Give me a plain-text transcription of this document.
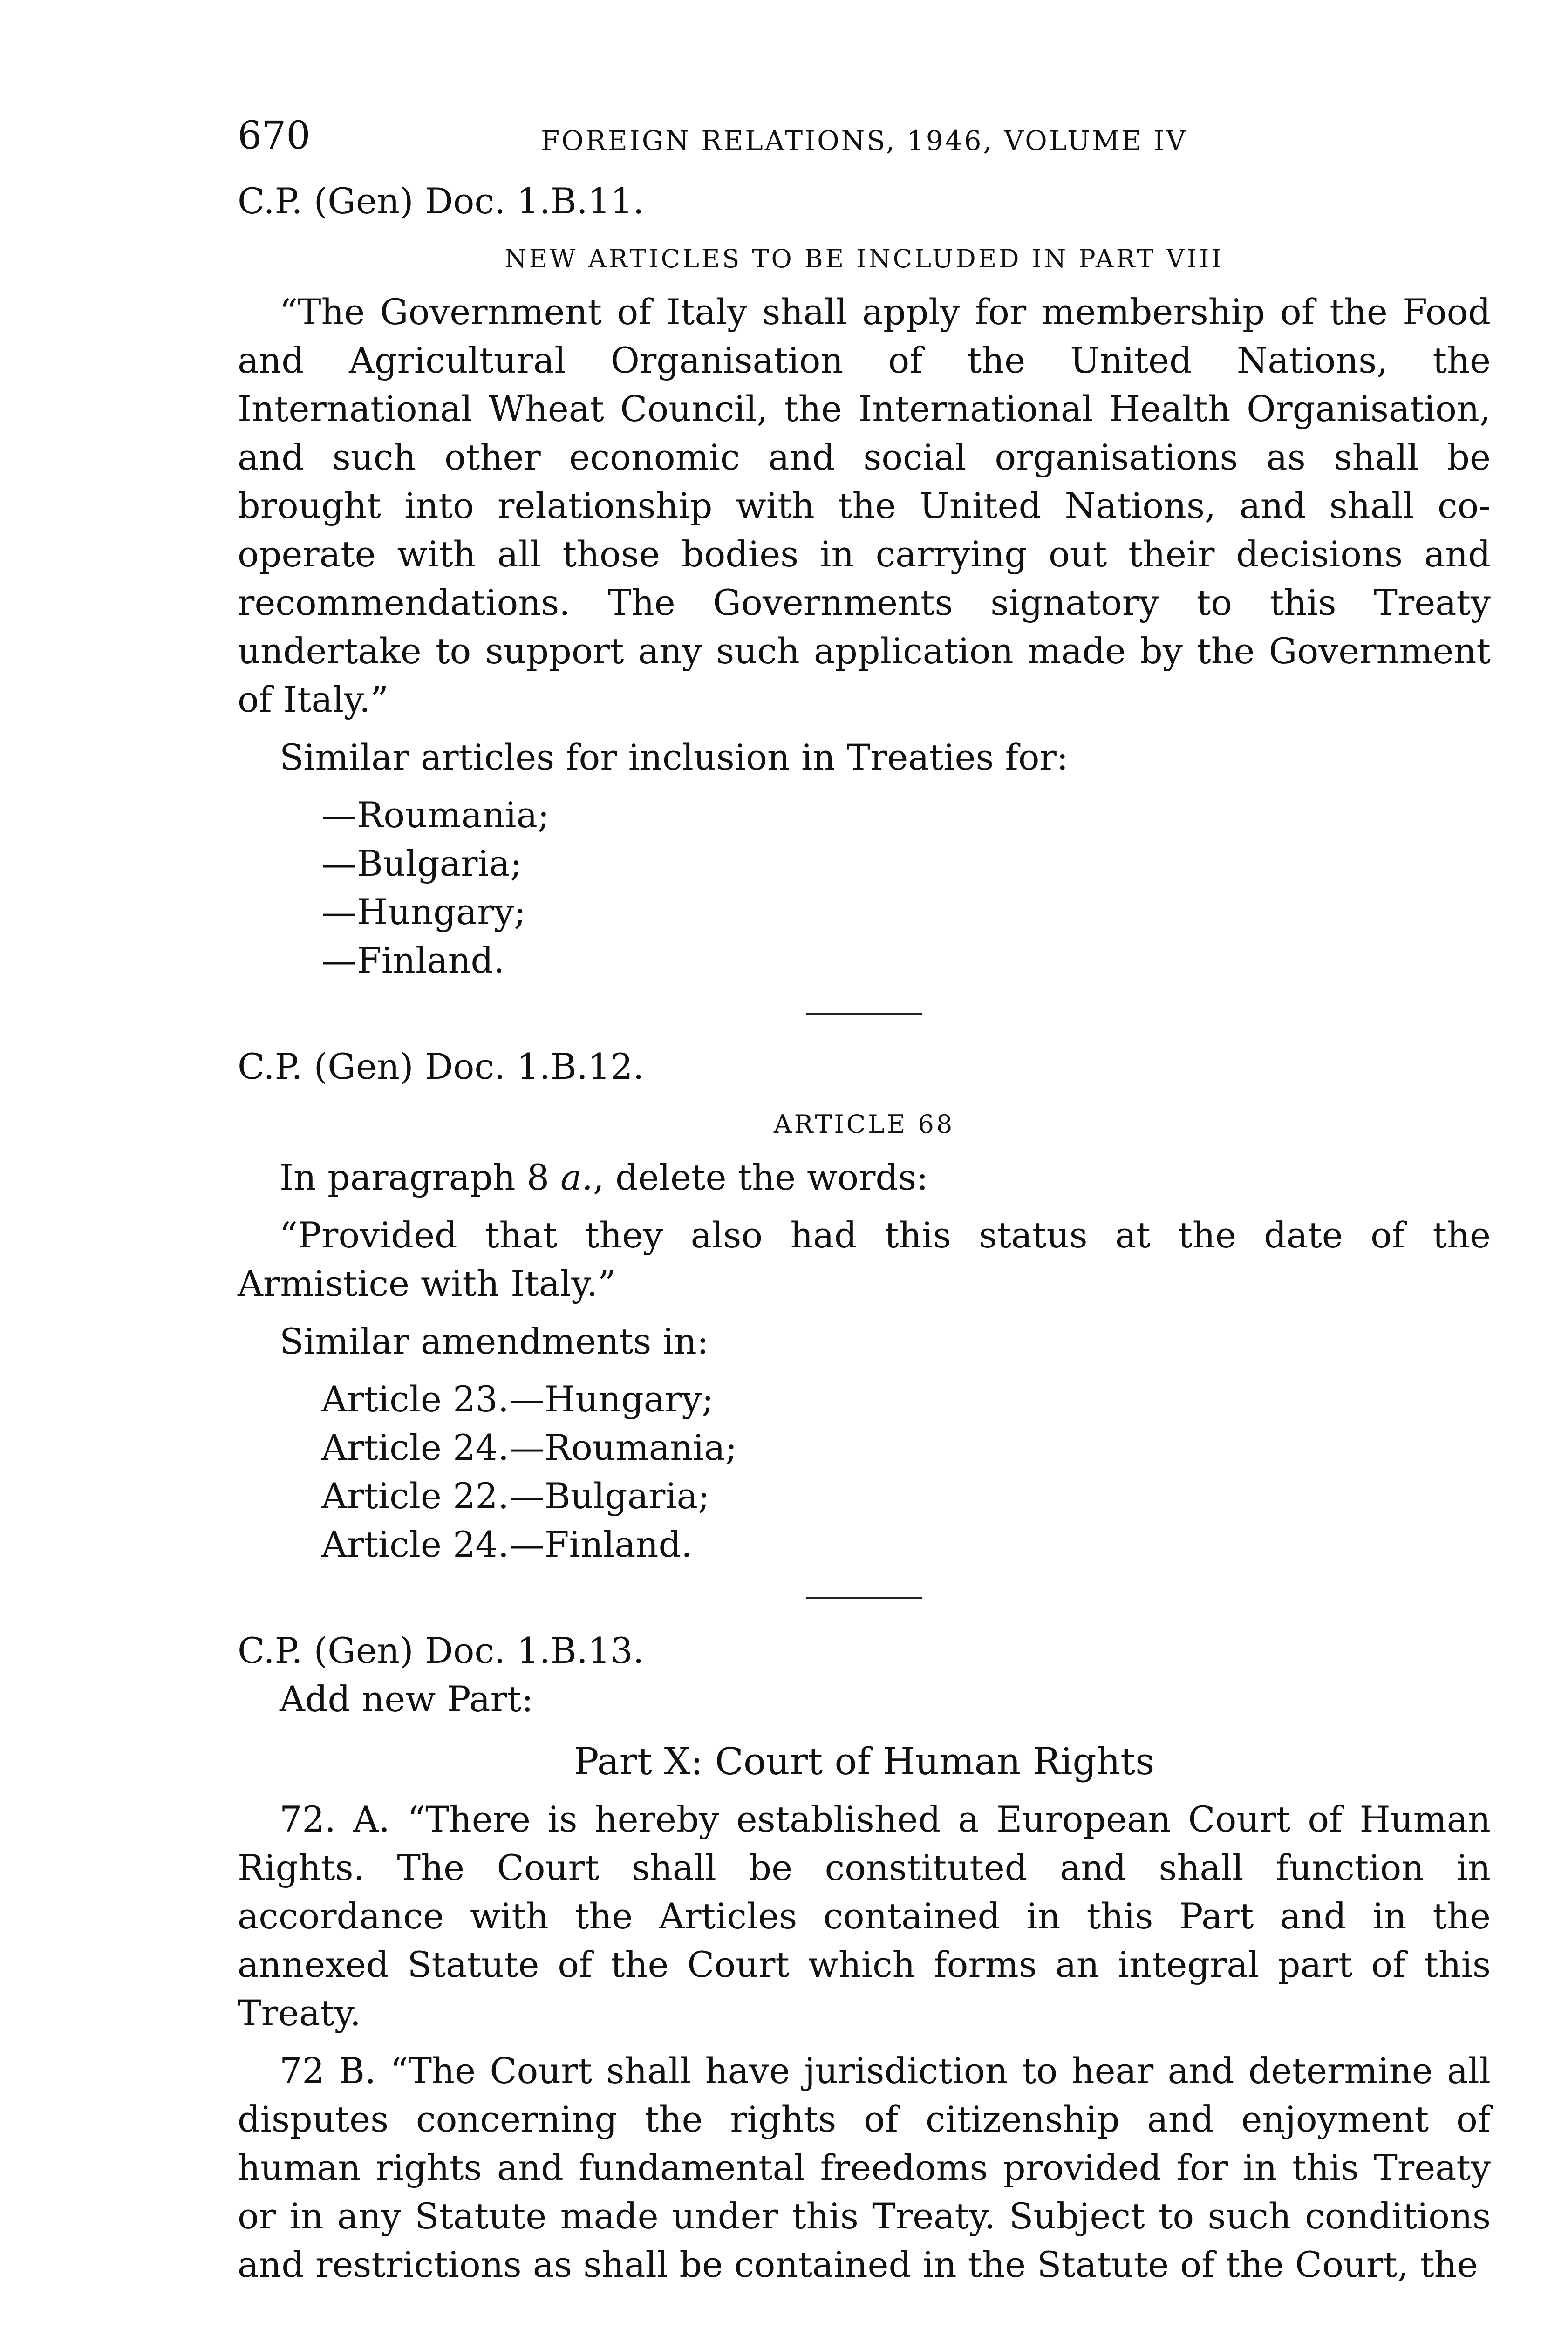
670	FOREIGN RELATIONS, 1946, VOLUME IV

C.P. (Gen) Doc. 1.B.11.

NEW ARTICLES TO BE INCLUDED IN PART VIII

“The Government of Italy shall apply for membership of the Food and Agricultural Organisation of the United Nations, the International Wheat Council, the International Health Organisation, and such other economic and social organisations as shall be brought into relationship with the United Nations, and shall co-operate with all those bodies in carrying out their decisions and recommendations. The Governments signatory to this Treaty undertake to support any such application made by the Government of Italy.”

Similar articles for inclusion in Treaties for:

—Roumania;
—Bulgaria;
—Hungary;
—Finland.

C.P. (Gen) Doc. 1.B.12.

ARTICLE 68

In paragraph 8 a., delete the words:

“Provided that they also had this status at the date of the Armistice with Italy.”

Similar amendments in:

Article 23.—Hungary;
Article 24.—Roumania;
Article 22.—Bulgaria;
Article 24.—Finland.

C.P. (Gen) Doc. 1.B.13.

Add new Part:

Part X: Court of Human Rights

72. A. “There is hereby established a European Court of Human Rights. The Court shall be constituted and shall function in accordance with the Articles contained in this Part and in the annexed Statute of the Court which forms an integral part of this Treaty.

72 B. “The Court shall have jurisdiction to hear and determine all disputes concerning the rights of citizenship and enjoyment of human rights and fundamental freedoms provided for in this Treaty or in any Statute made under this Treaty. Subject to such conditions and restrictions as shall be contained in the Statute of the Court, the
